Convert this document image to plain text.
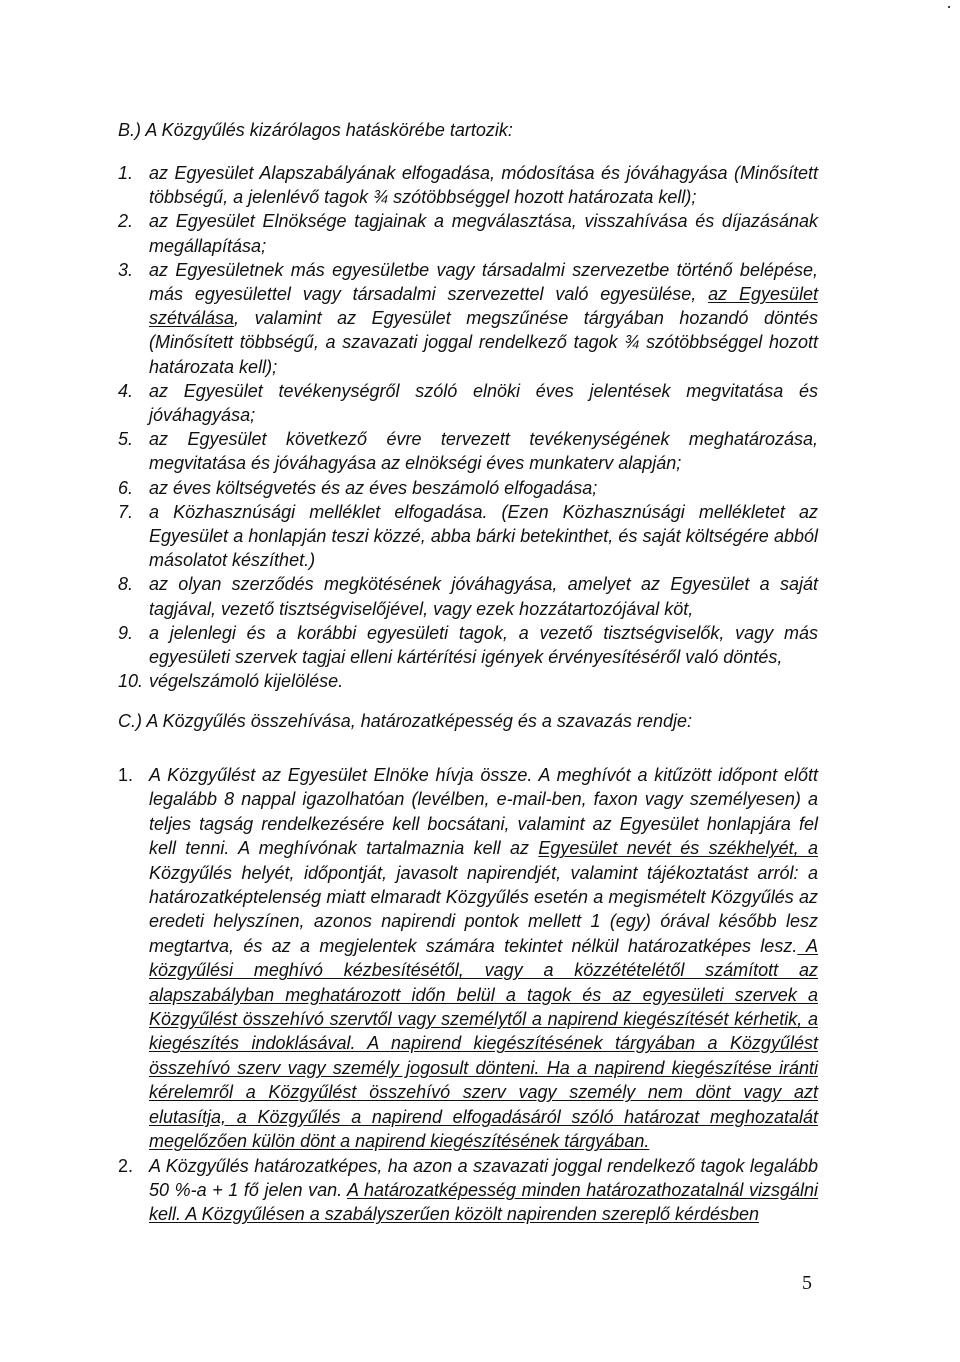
B.) A Közgyűlés kizárólagos hatáskörébe tartozik:
1. az Egyesület Alapszabályának elfogadása, módosítása és jóváhagyása (Minősített többségű, a jelenlévő tagok ¾ szótöbbséggel hozott határozata kell);
2. az Egyesület Elnöksége tagjainak a megválasztása, visszahívása és díjazásának megállapítása;
3. az Egyesületnek más egyesületbe vagy társadalmi szervezetbe történő belépése, más egyesülettel vagy társadalmi szervezettel való egyesülése, az Egyesület szétválása, valamint az Egyesület megszűnése tárgyában hozandó döntés (Minősített többségű, a szavazati joggal rendelkező tagok ¾ szótöbbséggel hozott határozata kell);
4. az Egyesület tevékenységről szóló elnöki éves jelentések megvitatása és jóváhagyása;
5. az Egyesület következő évre tervezett tevékenységének meghatározása, megvitatása és jóváhagyása az elnökségi éves munkaterv alapján;
6. az éves költségvetés és az éves beszámoló elfogadása;
7. a Közhasznúsági melléklet elfogadása. (Ezen Közhasznúsági mellékletet az Egyesület a honlapján teszi közzé, abba bárki betekinthet, és saját költségére abból másolatot készíthet.)
8. az olyan szerződés megkötésének jóváhagyása, amelyet az Egyesület a saját tagjával, vezető tisztségviselőjével, vagy ezek hozzátartozójával köt,
9. a jelenlegi és a korábbi egyesületi tagok, a vezető tisztségviselők, vagy más egyesületi szervek tagjai elleni kártérítési igények érvényesítéséről való döntés,
10. végelszámoló kijelölése.
C.) A Közgyűlés összehívása, határozatképesség és a szavazás rendje:
1. A Közgyűlést az Egyesület Elnöke hívja össze. A meghívót a kitűzött időpont előtt legalább 8 nappal igazolhatóan (levélben, e-mail-ben, faxon vagy személyesen) a teljes tagság rendelkezésére kell bocsátani, valamint az Egyesület honlapjára fel kell tenni. A meghívónak tartalmaznia kell az Egyesület nevét és székhelyét, a Közgyűlés helyét, időpontját, javasolt napirendjét, valamint tájékoztatást arról: a határozatképtelenség miatt elmaradt Közgyűlés esetén a megismételt Közgyűlés az eredeti helyszínen, azonos napirendi pontok mellett 1 (egy) órával később lesz megtartva, és az a megjelentek számára tekintet nélkül határozatképes lesz. A közgyűlési meghívó kézbesítésétől, vagy a közzétételétől számított az alapszabályban meghatározott időn belül a tagok és az egyesületi szervek a Közgyűlést összehívó szervtől vagy személytől a napirend kiegészítését kérhetik, a kiegészítés indoklásával. A napirend kiegészítésének tárgyában a Közgyűlést összehívó szerv vagy személy jogosult dönteni. Ha a napirend kiegészítése iránti kérelemről a Közgyűlést összehívó szerv vagy személy nem dönt vagy azt elutasítja, a Közgyűlés a napirend elfogadásáról szóló határozat meghozatalát megelőzően külön dönt a napirend kiegészítésének tárgyában.
2. A Közgyűlés határozatképes, ha azon a szavazati joggal rendelkező tagok legalább 50 %-a + 1 fő jelen van. A határozatképesség minden határozathozatalnál vizsgálni kell. A Közgyűlésen a szabályszerűen közölt napirenden szereplő kérdésben
5
